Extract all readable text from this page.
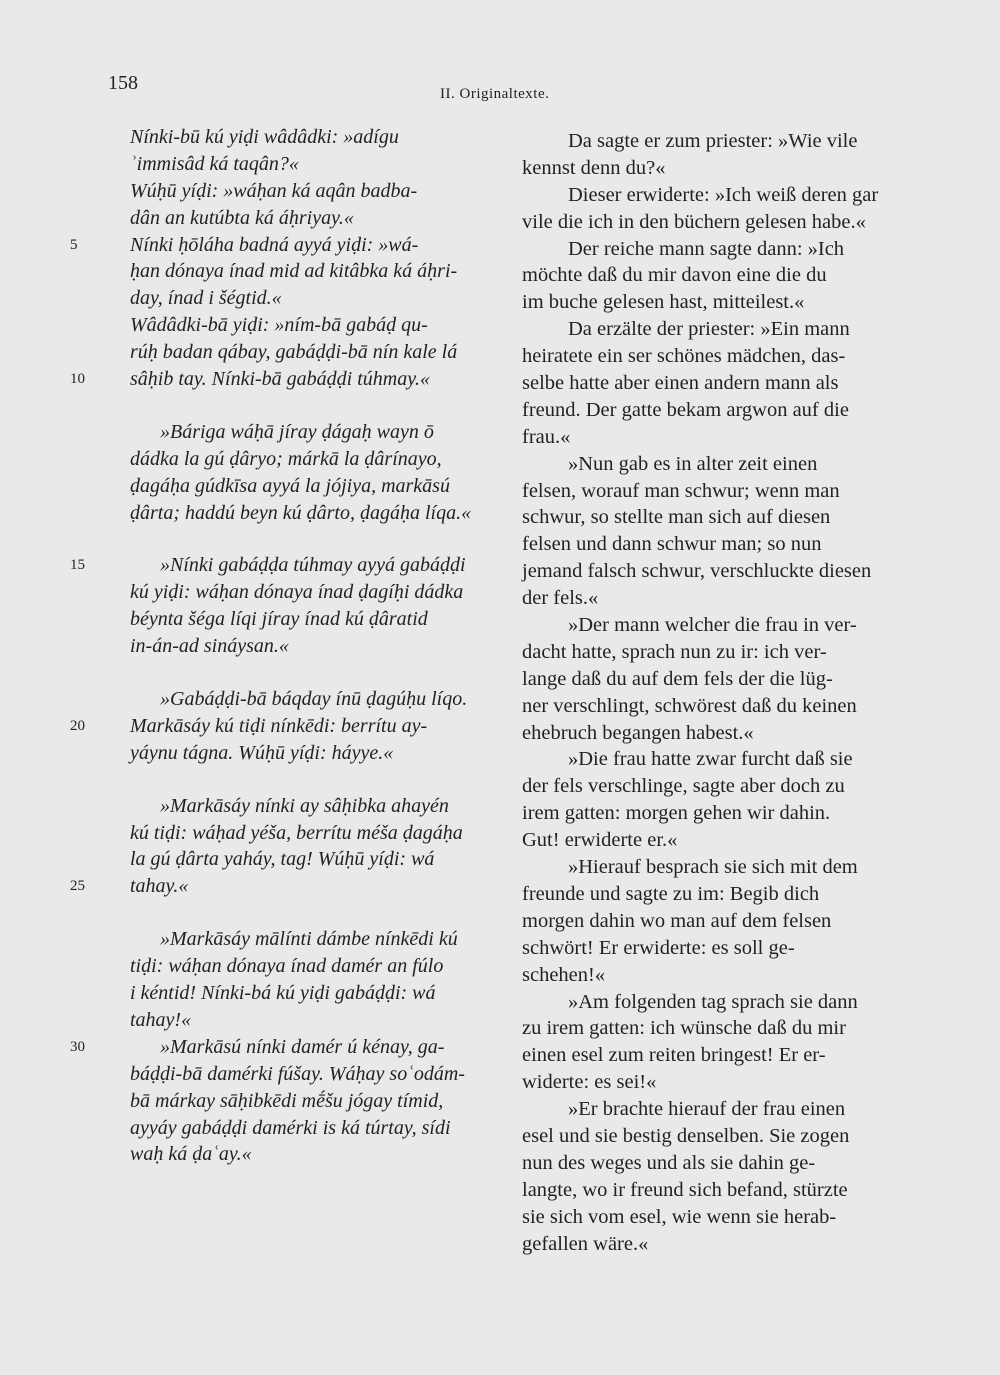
158	II. Originaltexte.
Nínki-bū kú yiḍi wâdâdki: »adígu
ʾimmisâd ká taqân?«
Wúḥū yíḍi: »wáḥan ká aqân badba-
dân an kutúbta ká áḥriyay.«
5	Nínki ḥōláha badná ayyá yiḍi: »wá-
ḥan dónaya ínad mid ad kitâbka ká áḥri-
day, ínad i šégtid.«
Wâdâdki-bā yiḍi: »ním-bā gabáḍ qu-
rúḥ badan qábay, gabáḍḍi-bā nín kale lá
10	sâḥib tay. Nínki-bā gabáḍḍi túhmay.«
»Báriga wáḥā jíray ḍágaḥ wayn ō
dádka la gú ḍâryo; márkā la ḍârínayo,
ḍagáḥa gúdkīsa ayyá la jójiya, markāsú
ḍârta; haddú beyn kú ḍârto, ḍagáḥa líqa.«
15	»Nínki gabáḍḍa túhmay ayyá gabáḍḍi
kú yiḍi: wáḥan dónaya ínad ḍagíḥi dádka
béynta šéga líqi jíray ínad kú ḍâratid
in-án-ad sináysan.«
»Gabáḍḍi-bā báqday ínū ḍagúḥu líqo.
20	Markāsáy kú tiḍi nínkēdi: berrítu ay-
yáynu tágna. Wúḥū yíḍi: háyye.«
»Markāsáy nínki ay sâḥibka ahayén
kú tiḍi: wáḥad yéša, berrítu méša ḍagáḥa
la gú ḍârta yaháy, tag! Wúḥū yíḍi: wá
25	tahay.«
»Markāsáy mālínti dámbe nínkēdi kú
tiḍi: wáḥan dónaya ínad damér an fúlo
i kéntid! Nínki-bá kú yiḍi gabáḍḍi: wá
tahay!«
30	»Markāsú nínki damér ú kénay, ga-
báḍḍi-bā damérki fúšay. Wáḥay soʿodám-
bā márkay sāḥibkēdi mḗšu jógay tímid,
ayyáy gabáḍḍi damérki is ká túrtay, sídi
waḥ ká ḍaʿay.«
Da sagte er zum priester: »Wie vile
kennst denn du?«
Dieser erwiderte: »Ich weiß deren gar
vile die ich in den büchern gelesen habe.«
Der reiche mann sagte dann: »Ich
möchte daß du mir davon eine die du
im buche gelesen hast, mitteilest.«
Da erzälte der priester: »Ein mann
heiratete ein ser schönes mädchen, das-
selbe hatte aber einen andern mann als
freund. Der gatte bekam argwon auf die
frau.«
»Nun gab es in alter zeit einen
felsen, worauf man schwur; wenn man
schwur, so stellte man sich auf diesen
felsen und dann schwur man; so nun
jemand falsch schwur, verschluckte diesen
der fels.«
»Der mann welcher die frau in ver-
dacht hatte, sprach nun zu ir: ich ver-
lange daß du auf dem fels der die lüg-
ner verschlingt, schwörest daß du keinen
ehebruch begangen habest.«
»Die frau hatte zwar furcht daß sie
der fels verschlinge, sagte aber doch zu
irem gatten: morgen gehen wir dahin.
Gut! erwiderte er.«
»Hierauf besprach sie sich mit dem
freunde und sagte zu im: Begib dich
morgen dahin wo man auf dem felsen
schwört! Er erwiderte: es soll ge-
schehen!«
»Am folgenden tag sprach sie dann
zu irem gatten: ich wünsche daß du mir
einen esel zum reiten bringest! Er er-
widerte: es sei!«
»Er brachte hierauf der frau einen
esel und sie bestig denselben. Sie zogen
nun des weges und als sie dahin ge-
langte, wo ir freund sich befand, stürzte
sie sich vom esel, wie wenn sie herab-
gefallen wäre.«
